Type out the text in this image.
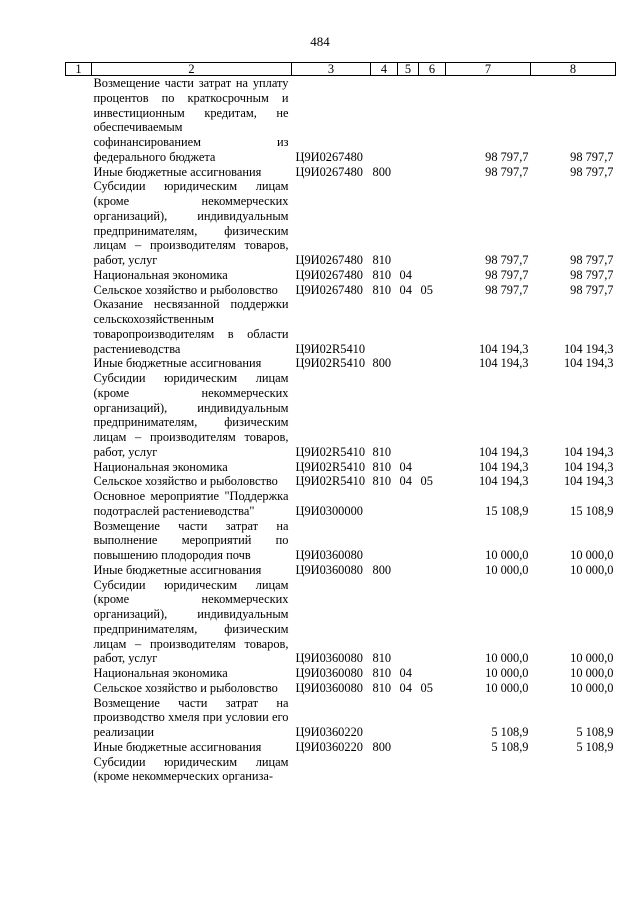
484
1	2	3	4	5	6	7	8
	Возмещение части затрат на уплату процентов по краткосрочным и инвестиционным кредитам, не обеспечиваемым софинансированием из федерального бюджета	Ц9И0267480				98 797,7	98 797,7
	Иные бюджетные ассигнования	Ц9И0267480	800			98 797,7	98 797,7
	Субсидии юридическим лицам (кроме некоммерческих организаций), индивидуальным предпринимателям, физическим лицам – производителям товаров, работ, услуг	Ц9И0267480	810			98 797,7	98 797,7
	Национальная экономика	Ц9И0267480	810	04		98 797,7	98 797,7
	Сельское хозяйство и рыболовство	Ц9И0267480	810	04	05	98 797,7	98 797,7
	Оказание несвязанной поддержки сельскохозяйственным товаропроизводителям в области растениеводства	Ц9И02R5410				104 194,3	104 194,3
	Иные бюджетные ассигнования	Ц9И02R5410	800			104 194,3	104 194,3
	Субсидии юридическим лицам (кроме некоммерческих организаций), индивидуальным предпринимателям, физическим лицам – производителям товаров, работ, услуг	Ц9И02R5410	810			104 194,3	104 194,3
	Национальная экономика	Ц9И02R5410	810	04		104 194,3	104 194,3
	Сельское хозяйство и рыболовство	Ц9И02R5410	810	04	05	104 194,3	104 194,3
	Основное мероприятие "Поддержка подотраслей растениеводства"	Ц9И0300000				15 108,9	15 108,9
	Возмещение части затрат на выполнение мероприятий по повышению плодородия почв	Ц9И0360080				10 000,0	10 000,0
	Иные бюджетные ассигнования	Ц9И0360080	800			10 000,0	10 000,0
	Субсидии юридическим лицам (кроме некоммерческих организаций), индивидуальным предпринимателям, физическим лицам – производителям товаров, работ, услуг	Ц9И0360080	810			10 000,0	10 000,0
	Национальная экономика	Ц9И0360080	810	04		10 000,0	10 000,0
	Сельское хозяйство и рыболовство	Ц9И0360080	810	04	05	10 000,0	10 000,0
	Возмещение части затрат на производство хмеля при условии его реализации	Ц9И0360220				5 108,9	5 108,9
	Иные бюджетные ассигнования	Ц9И0360220	800			5 108,9	5 108,9
	Субсидии юридическим лицам (кроме некоммерческих организа-						
